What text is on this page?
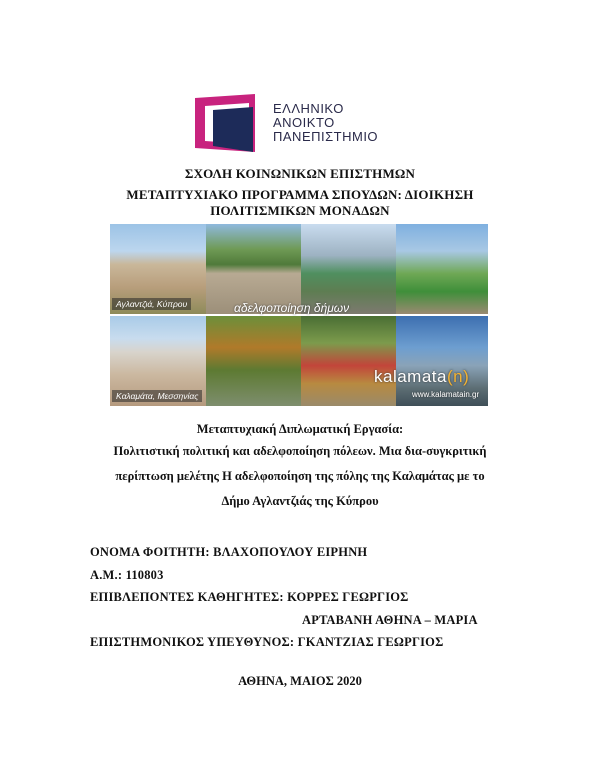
ΕΛΛΗΝΙΚΟ
ΑΝΟΙΚΤΟ
ΠΑΝΕΠΙΣΤΗΜΙΟ
ΣΧΟΛΗ ΚΟΙΝΩΝΙΚΩΝ ΕΠΙΣΤΗΜΩΝ
ΜΕΤΑΠΤΥΧΙΑΚΟ ΠΡΟΓΡΑΜΜΑ ΣΠΟΥΔΩΝ: ΔΙΟΙΚΗΣΗ
ΠΟΛΙΤΙΣΜΙΚΩΝ ΜΟΝΑΔΩΝ
Αγλαντζιά, Κύπρου	αδελφοποίηση δήμων
Καλαμάτα, Μεσσηνίας
kalamata(n)
www.kalamatain.gr
Μεταπτυχιακή Διπλωματική Εργασία:
Πολιτιστική πολιτική και αδελφοποίηση πόλεων. Μια δια-συγκριτική
περίπτωση μελέτης Η αδελφοποίηση της πόλης της Καλαμάτας με το
Δήμο Αγλαντζιάς της Κύπρου
ΟΝΟΜΑ ΦΟΙΤΗΤΗ: ΒΛΑΧΟΠΟΥΛΟΥ ΕΙΡΗΝΗ
Α.Μ.: 110803
ΕΠΙΒΛΕΠΟΝΤΕΣ ΚΑΘΗΓΗΤΕΣ: ΚΟΡΡΕΣ ΓΕΩΡΓΙΟΣ
ΑΡΤΑΒΑΝΗ ΑΘΗΝΑ – ΜΑΡΙΑ
ΕΠΙΣΤΗΜΟΝΙΚΟΣ ΥΠΕΥΘΥΝΟΣ: ΓΚΑΝΤΖΙΑΣ ΓΕΩΡΓΙΟΣ
ΑΘΗΝΑ, ΜΑΙΟΣ 2020
